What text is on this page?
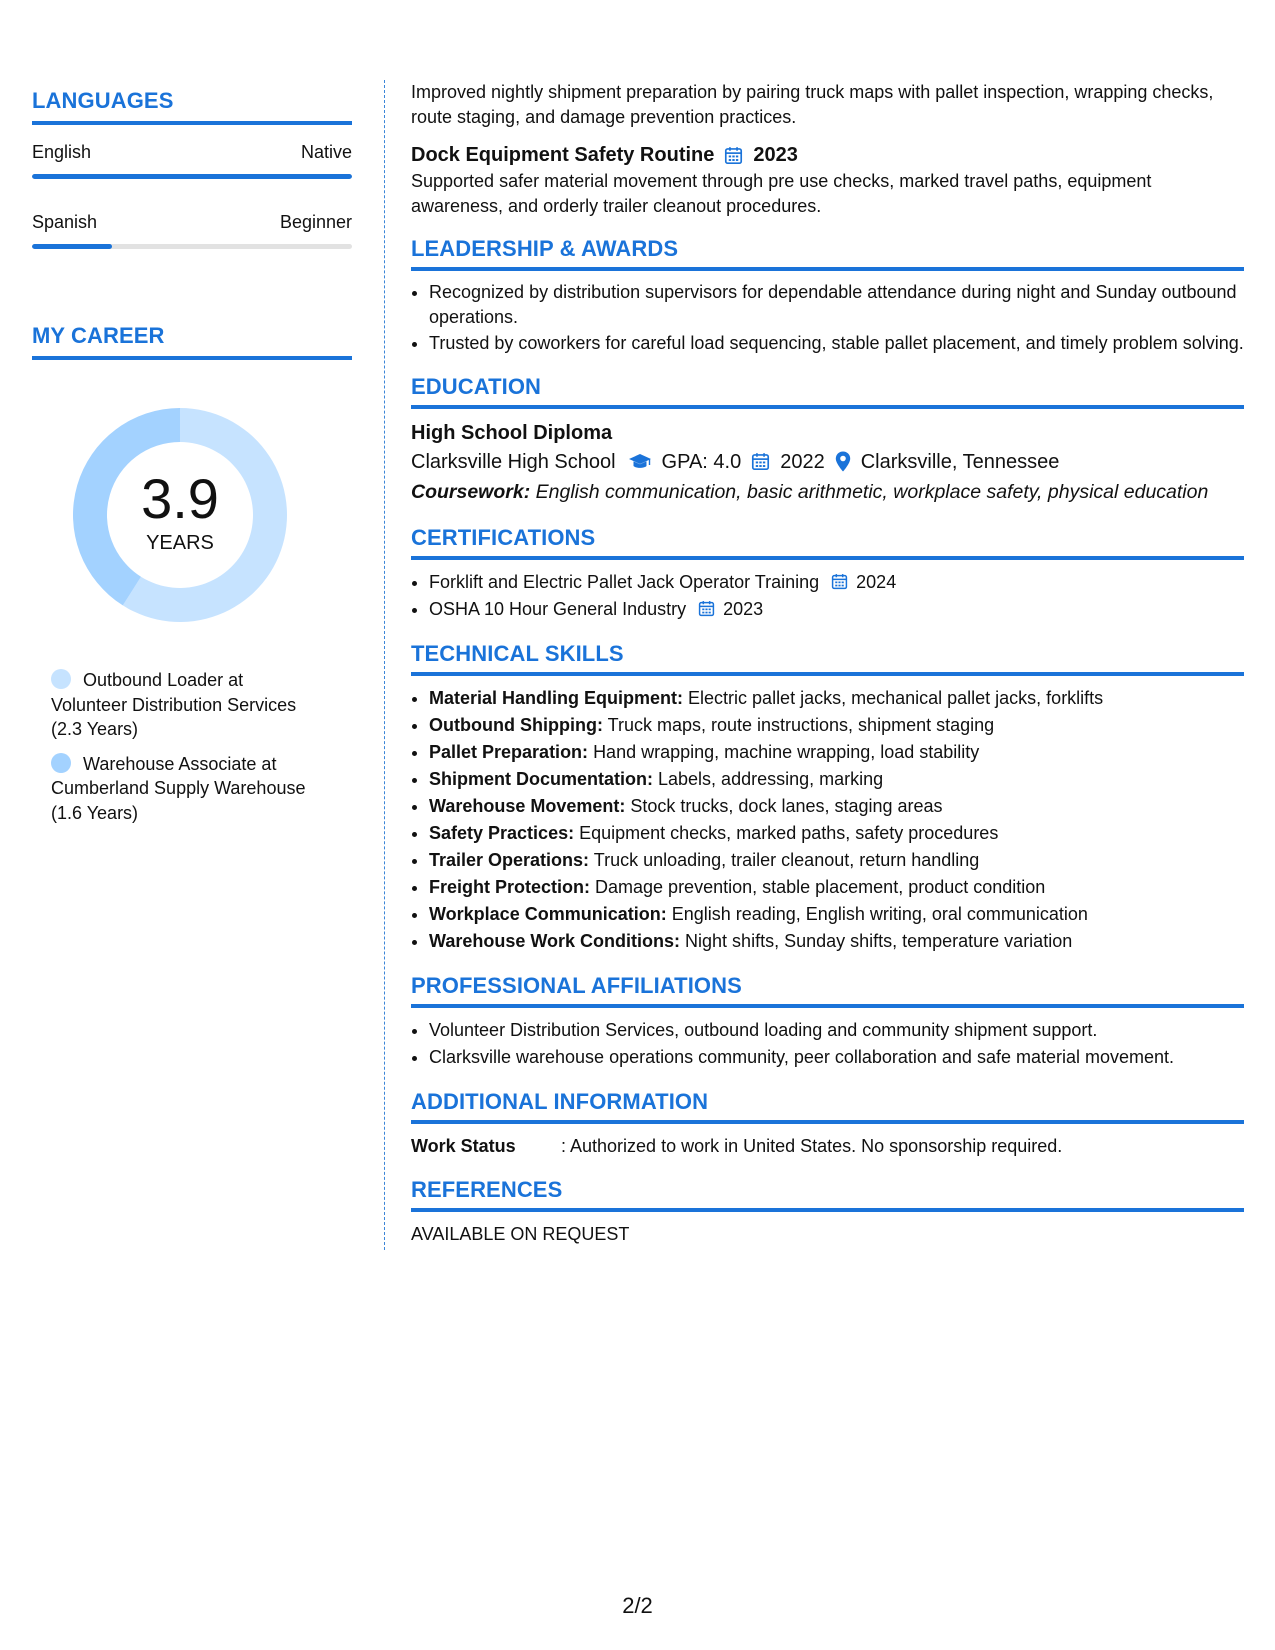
LANGUAGES
English	Native
Spanish	Beginner
MY CAREER
3.9
YEARS
Outbound Loader at
Volunteer Distribution Services
(2.3 Years)
Warehouse Associate at
Cumberland Supply Warehouse
(1.6 Years)

Improved nightly shipment preparation by pairing truck maps with pallet inspection, wrapping checks, route staging, and damage prevention practices.

Dock Equipment Safety Routine 2023

Supported safer material movement through pre use checks, marked travel paths, equipment awareness, and orderly trailer cleanout procedures.

LEADERSHIP & AWARDS
• Recognized by distribution supervisors for dependable attendance during night and Sunday outbound operations.
• Trusted by coworkers for careful load sequencing, stable pallet placement, and timely problem solving.
EDUCATION
High School Diploma
Clarksville High School GPA: 4.0 2022 Clarksville, Tennessee
Coursework: English communication, basic arithmetic, workplace safety, physical education
CERTIFICATIONS
• Forklift and Electric Pallet Jack Operator Training 2024
• OSHA 10 Hour General Industry 2023
TECHNICAL SKILLS
• Material Handling Equipment: Electric pallet jacks, mechanical pallet jacks, forklifts
• Outbound Shipping: Truck maps, route instructions, shipment staging
• Pallet Preparation: Hand wrapping, machine wrapping, load stability
• Shipment Documentation: Labels, addressing, marking
• Warehouse Movement: Stock trucks, dock lanes, staging areas
• Safety Practices: Equipment checks, marked paths, safety procedures
• Trailer Operations: Truck unloading, trailer cleanout, return handling
• Freight Protection: Damage prevention, stable placement, product condition
• Workplace Communication: English reading, English writing, oral communication
• Warehouse Work Conditions: Night shifts, Sunday shifts, temperature variation
PROFESSIONAL AFFILIATIONS
• Volunteer Distribution Services, outbound loading and community shipment support.
• Clarksville warehouse operations community, peer collaboration and safe material movement.
ADDITIONAL INFORMATION
Work Status	: Authorized to work in United States. No sponsorship required.
REFERENCES
AVAILABLE ON REQUEST
2/2
